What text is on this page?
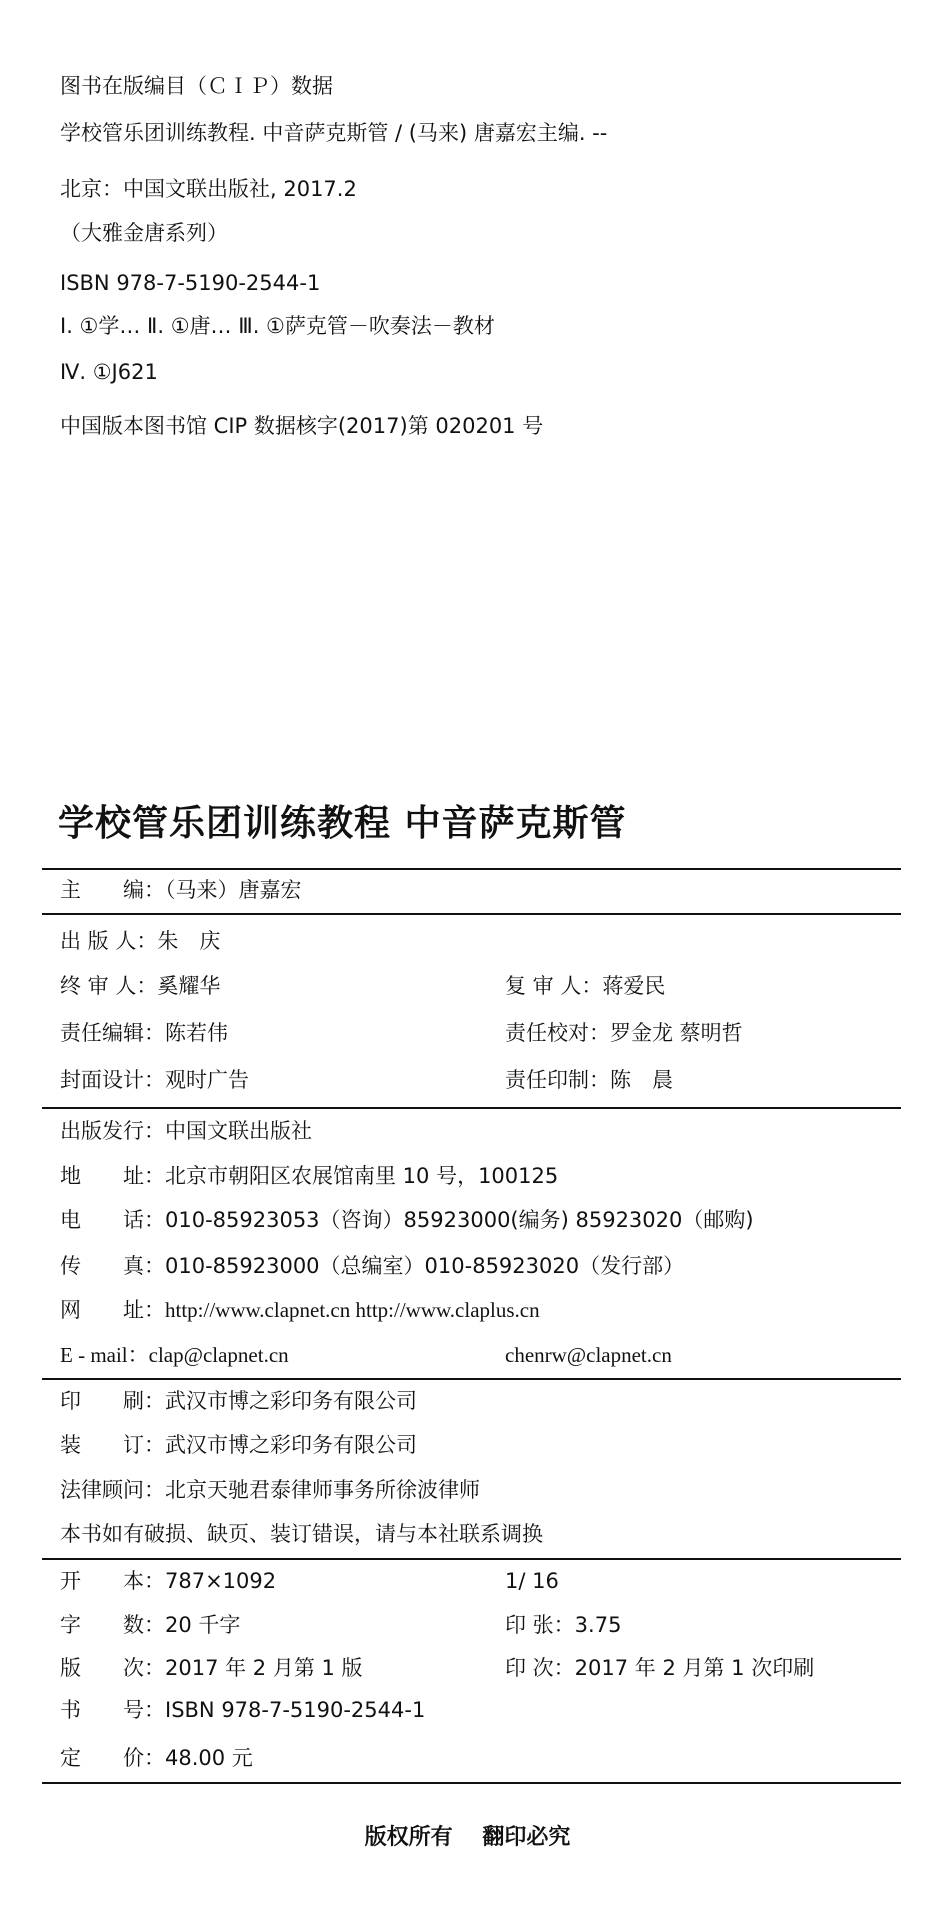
图书在版编目（ＣＩＰ）数据
学校管乐团训练教程. 中音萨克斯管 / (马来) 唐嘉宏主编. --
北京：中国文联出版社, 2017.2
（大雅金唐系列）
ISBN 978-7-5190-2544-1
Ⅰ. ①学… Ⅱ. ①唐… Ⅲ. ①萨克管－吹奏法－教材
Ⅳ. ①J621
中国版本图书馆 CIP 数据核字(2017)第 020201 号
学校管乐团训练教程 中音萨克斯管
主　　编：（马来）唐嘉宏
出 版 人：朱　庆
终 审 人：奚耀华	复 审 人：蒋爱民
责任编辑：陈若伟	责任校对：罗金龙 蔡明哲
封面设计：观时广告	责任印制：陈　晨
出版发行：中国文联出版社
地　　址：北京市朝阳区农展馆南里 10 号，100125
电　　话：010-85923053（咨询）85923000(编务) 85923020（邮购)
传　　真：010-85923000（总编室）010-85923020（发行部）
网　　址：http://www.clapnet.cn http://www.claplus.cn
E - mail：clap@clapnet.cn	chenrw@clapnet.cn
印　　刷：武汉市博之彩印务有限公司
装　　订：武汉市博之彩印务有限公司
法律顾问：北京天驰君泰律师事务所徐波律师
本书如有破损、缺页、装订错误，请与本社联系调换
开　　本：787×1092	1/ 16
字　　数：20 千字	印 张：3.75
版　　次：2017 年 2 月第 1 版	印 次：2017 年 2 月第 1 次印刷
书　　号：ISBN 978-7-5190-2544-1
定　　价：48.00 元
版权所有　 翻印必究
